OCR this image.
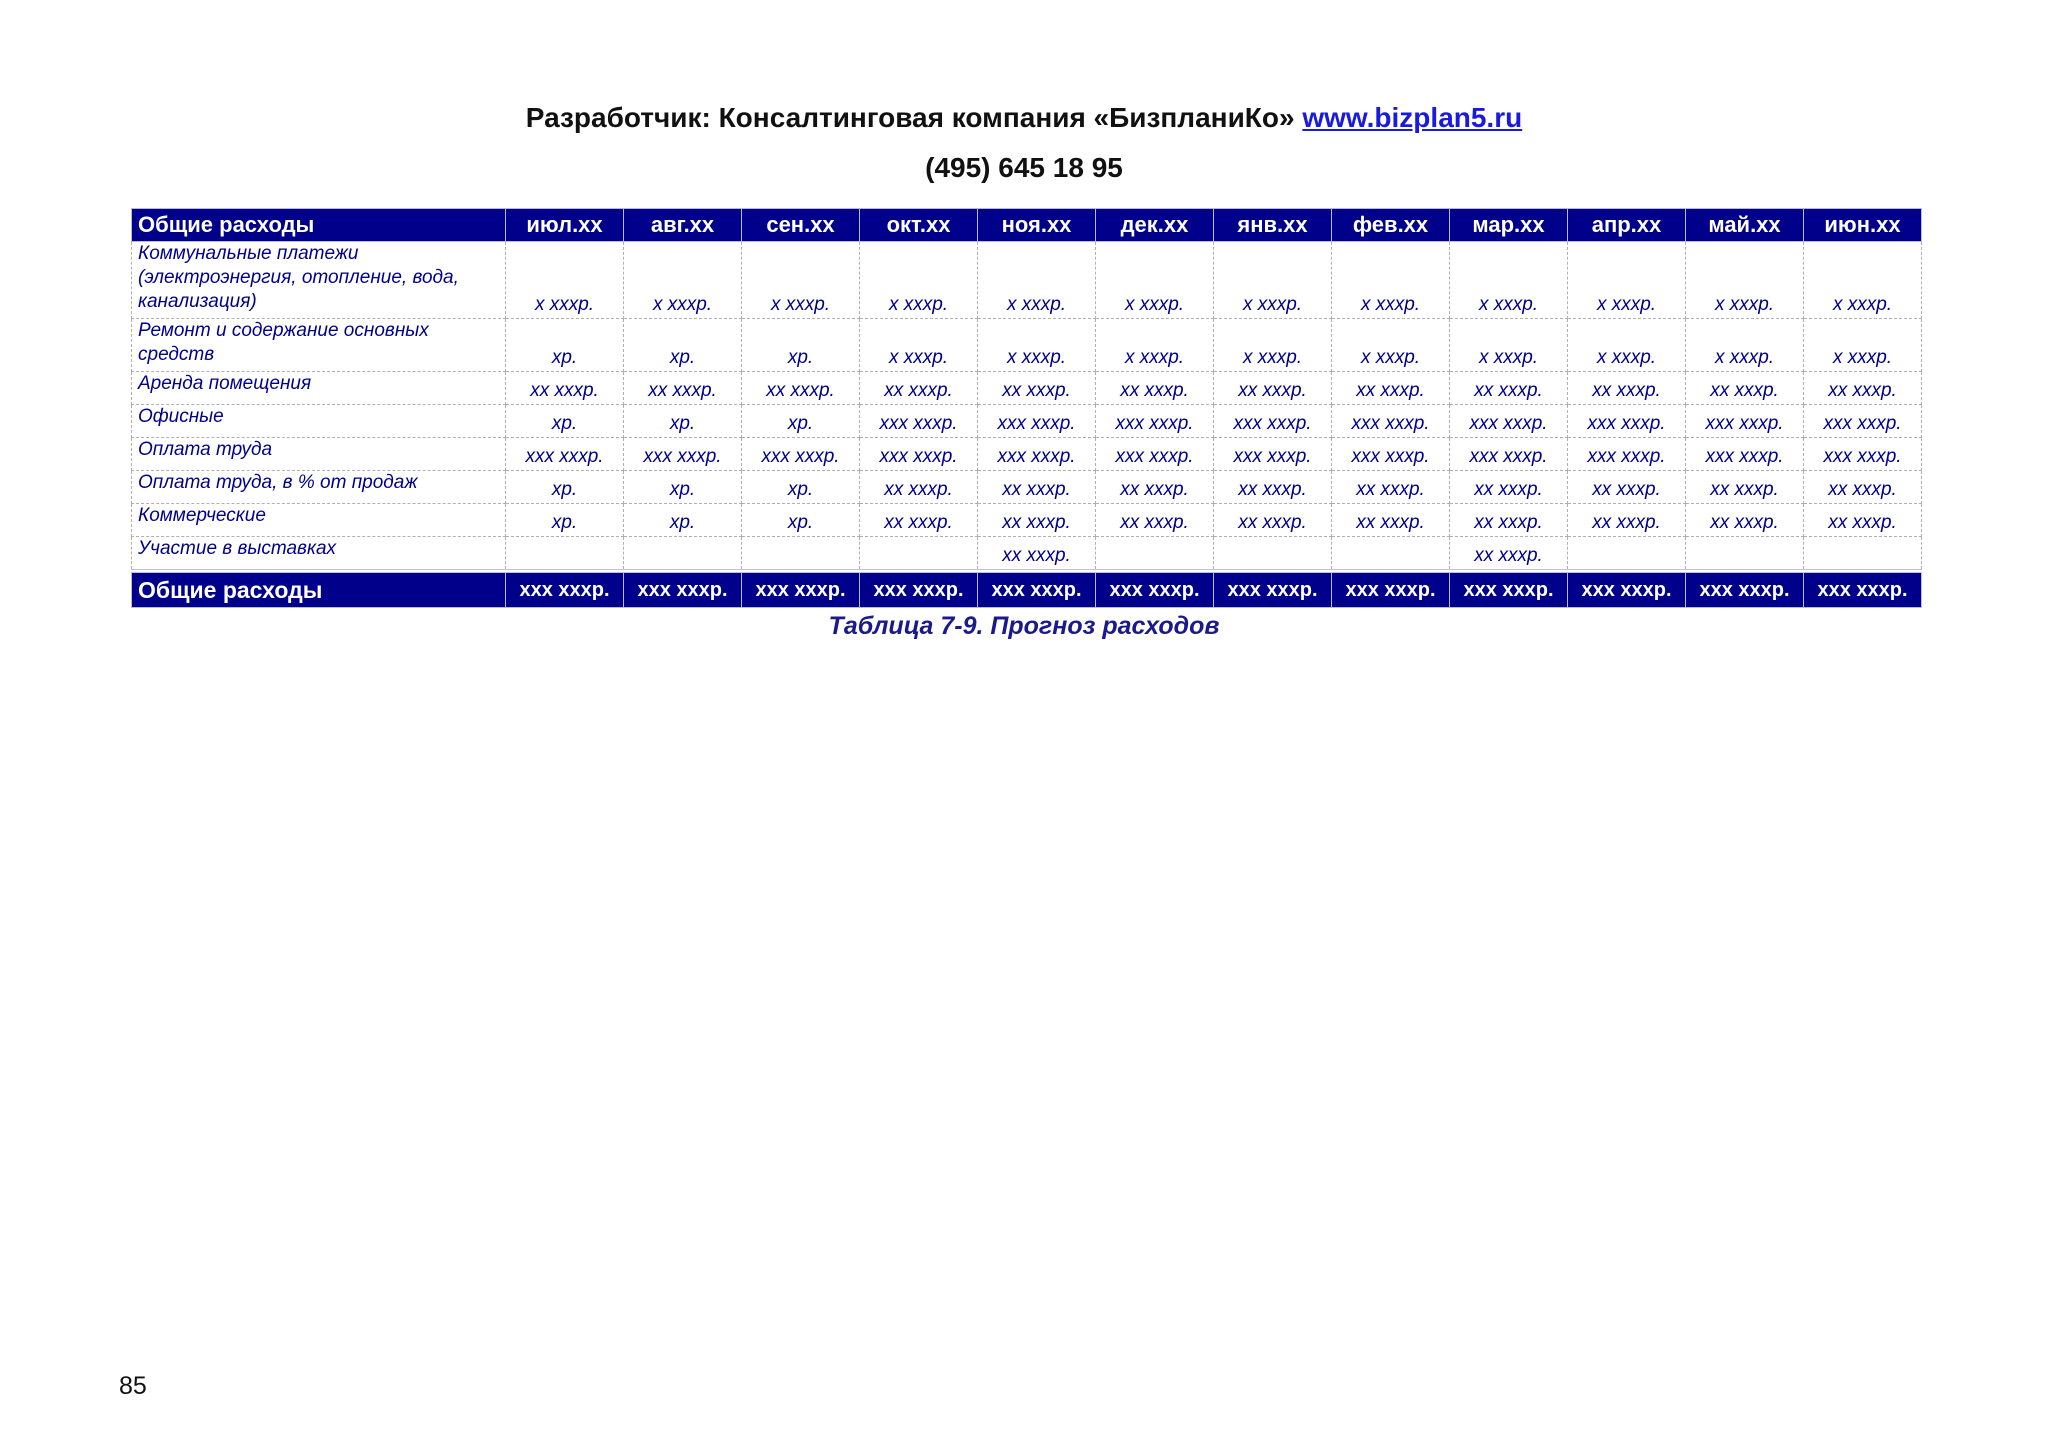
Разработчик: Консалтинговая компания «БизпланиКо» www.bizplan5.ru
(495) 645 18 95
Общие расходы	июл.xx	авг.xx	сен.xx	окт.xx	ноя.xx	дек.xx	янв.xx	фев.xx	мар.xx	апр.xx	май.xx	июн.xx
Коммунальные платежи (электроэнергия, отопление, вода, канализация)	x xxxр.	x xxxр.	x xxxр.	x xxxр.	x xxxр.	x xxxр.	x xxxр.	x xxxр.	x xxxр.	x xxxр.	x xxxр.	x xxxр.
Ремонт и содержание основных средств	xр.	xр.	xр.	x xxxр.	x xxxр.	x xxxр.	x xxxр.	x xxxр.	x xxxр.	x xxxр.	x xxxр.	x xxxр.
Аренда помещения	xx xxxр.	xx xxxр.	xx xxxр.	xx xxxр.	xx xxxр.	xx xxxр.	xx xxxр.	xx xxxр.	xx xxxр.	xx xxxр.	xx xxxр.	xx xxxр.
Офисные	xр.	xр.	xр.	xxx xxxр.	xxx xxxр.	xxx xxxр.	xxx xxxр.	xxx xxxр.	xxx xxxр.	xxx xxxр.	xxx xxxр.	xxx xxxр.
Оплата труда	xxx xxxр.	xxx xxxр.	xxx xxxр.	xxx xxxр.	xxx xxxр.	xxx xxxр.	xxx xxxр.	xxx xxxр.	xxx xxxр.	xxx xxxр.	xxx xxxр.	xxx xxxр.
Оплата труда, в % от продаж	xр.	xр.	xр.	xx xxxр.	xx xxxр.	xx xxxр.	xx xxxр.	xx xxxр.	xx xxxр.	xx xxxр.	xx xxxр.	xx xxxр.
Коммерческие	xр.	xр.	xр.	xx xxxр.	xx xxxр.	xx xxxр.	xx xxxр.	xx xxxр.	xx xxxр.	xx xxxр.	xx xxxр.	xx xxxр.
Участие в выставках					xx xxxр.				xx xxxр.			
Общие расходы	xxx xxxр.	xxx xxxр.	xxx xxxр.	xxx xxxр.	xxx xxxр.	xxx xxxр.	xxx xxxр.	xxx xxxр.	xxx xxxр.	xxx xxxр.	xxx xxxр.	xxx xxxр.
Таблица 7-9. Прогноз расходов
85
